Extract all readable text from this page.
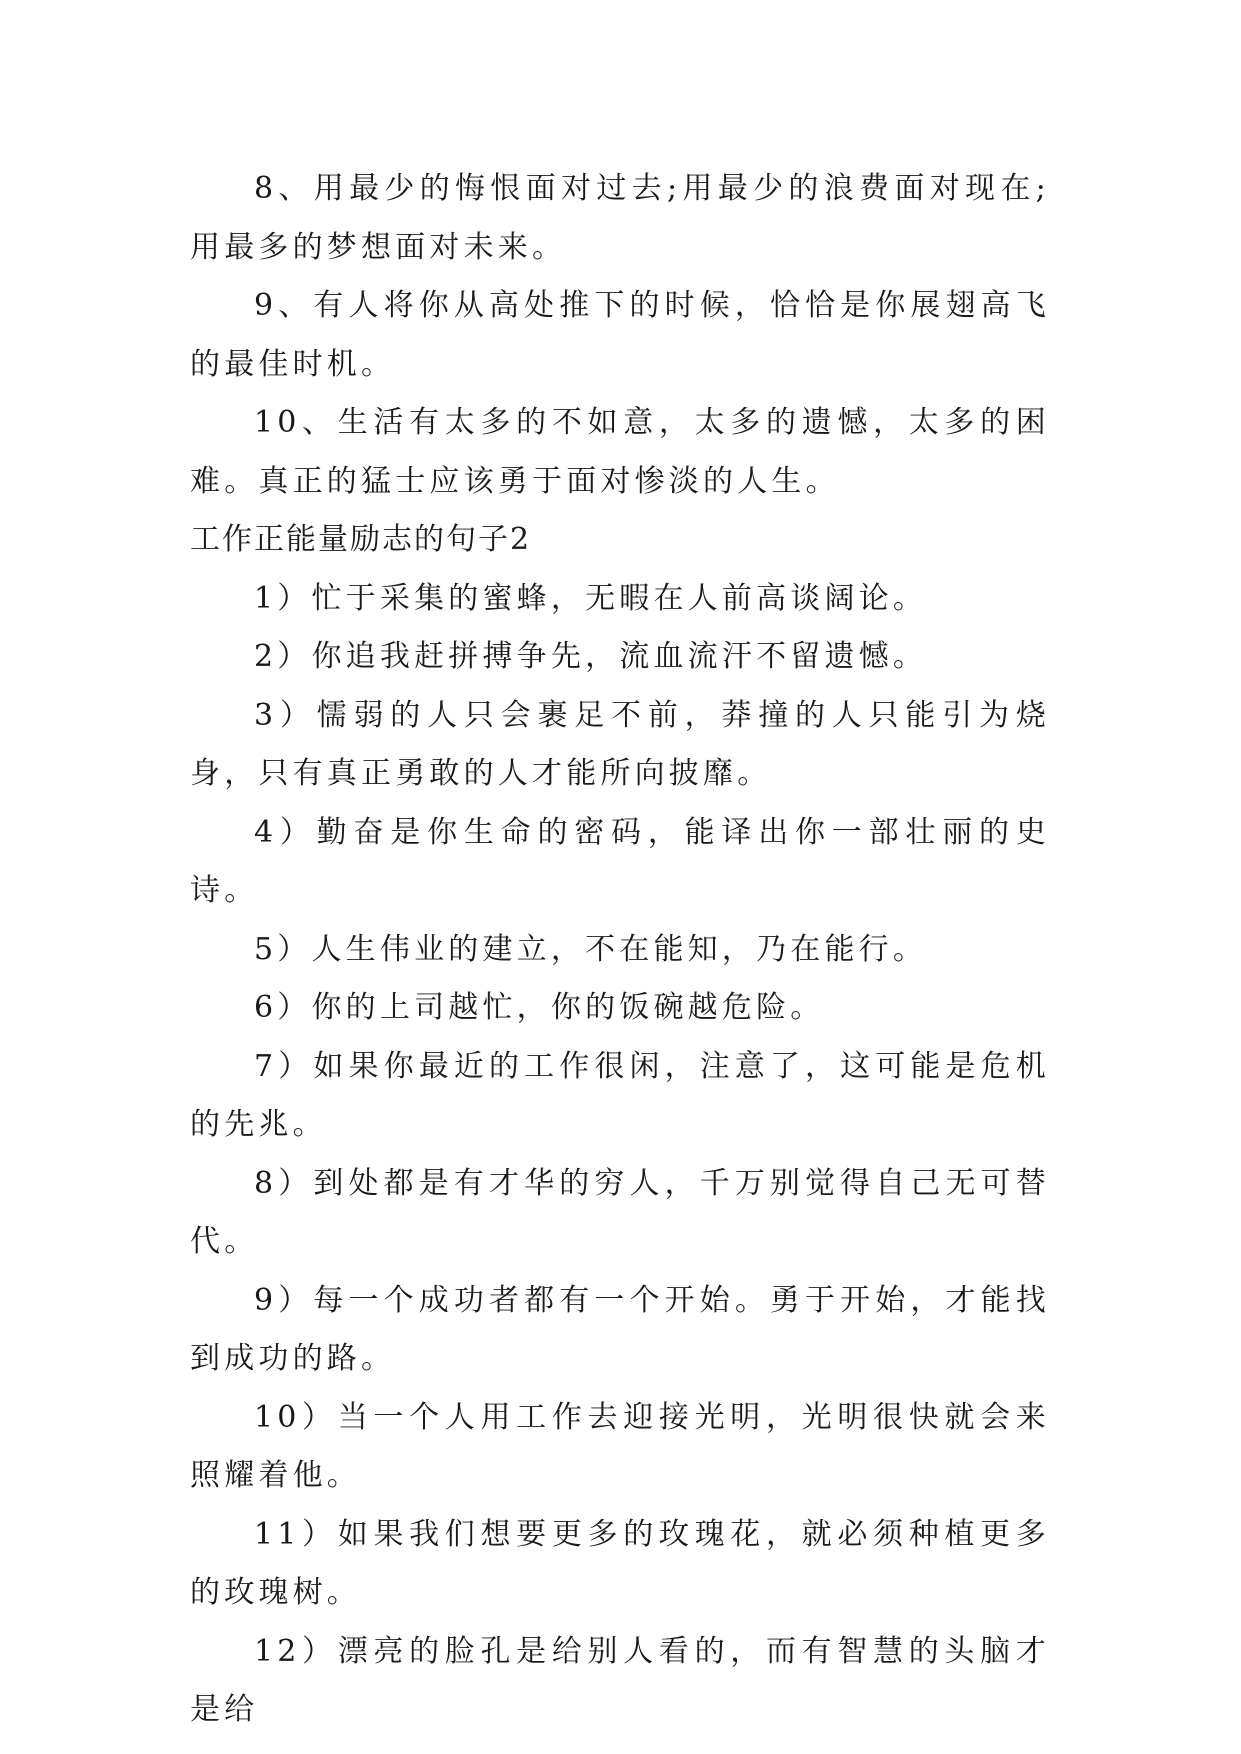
8、用最少的悔恨面对过去;用最少的浪费面对现在;用最多的梦想面对未来。

9、有人将你从高处推下的时候，恰恰是你展翅高飞的最佳时机。

10、生活有太多的不如意，太多的遗憾，太多的困难。真正的猛士应该勇于面对惨淡的人生。

工作正能量励志的句子2

1）忙于采集的蜜蜂，无暇在人前高谈阔论。

2）你追我赶拼搏争先，流血流汗不留遗憾。

3）懦弱的人只会裹足不前，莽撞的人只能引为烧身，只有真正勇敢的人才能所向披靡。

4）勤奋是你生命的密码，能译出你一部壮丽的史诗。

5）人生伟业的建立，不在能知，乃在能行。

6）你的上司越忙，你的饭碗越危险。

7）如果你最近的工作很闲，注意了，这可能是危机的先兆。

8）到处都是有才华的穷人，千万别觉得自己无可替代。

9）每一个成功者都有一个开始。勇于开始，才能找到成功的路。

10）当一个人用工作去迎接光明，光明很快就会来照耀着他。

11）如果我们想要更多的玫瑰花，就必须种植更多的玫瑰树。

12）漂亮的脸孔是给别人看的，而有智慧的头脑才是给
